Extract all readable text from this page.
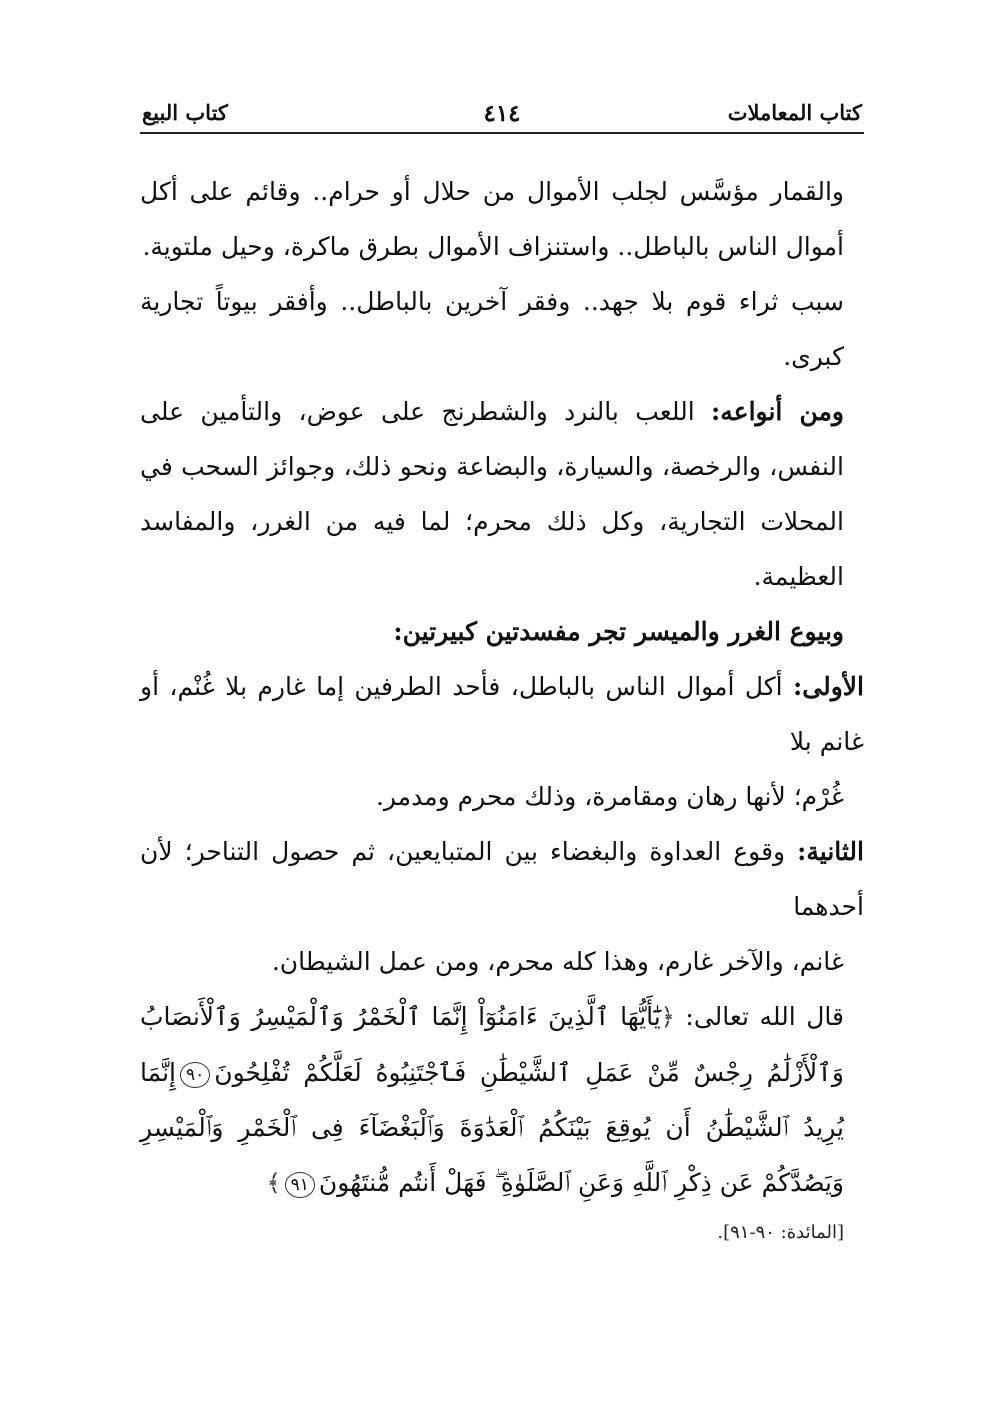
كتاب المعاملات
٤١٤
كتاب البيع

والقمار مؤسَّس لجلب الأموال من حلال أو حرام.. وقائم على أكل أموال الناس بالباطل.. واستنزاف الأموال بطرق ماكرة، وحيل ملتوية.

سبب ثراء قوم بلا جهد.. وفقر آخرين بالباطل.. وأفقر بيوتاً تجارية كبرى.

ومن أنواعه: اللعب بالنرد والشطرنج على عوض، والتأمين على النفس، والرخصة، والسيارة، والبضاعة ونحو ذلك، وجوائز السحب في المحلات التجارية، وكل ذلك محرم؛ لما فيه من الغرر، والمفاسد العظيمة.

وبيوع الغرر والميسر تجر مفسدتين كبيرتين:

الأولى: أكل أموال الناس بالباطل، فأحد الطرفين إما غارم بلا غُنْم، أو غانم بلا
غُرْم؛ لأنها رهان ومقامرة، وذلك محرم ومدمر.

الثانية: وقوع العداوة والبغضاء بين المتبايعين، ثم حصول التناحر؛ لأن أحدهما
غانم، والآخر غارم، وهذا كله محرم، ومن عمل الشيطان.

قال الله تعالى: ﴿يَٰٓأَيُّهَا ٱلَّذِينَ ءَامَنُوٓاْ إِنَّمَا ٱلْخَمْرُ وَٱلْمَيْسِرُ وَٱلْأَنصَابُ وَٱلْأَزْلَٰمُ رِجْسٌ مِّنْ عَمَلِ ٱلشَّيْطَٰنِ فَٱجْتَنِبُوهُ لَعَلَّكُمْ تُفْلِحُونَ٩٠إِنَّمَا يُرِيدُ ٱلشَّيْطَٰنُ أَن يُوقِعَ بَيْنَكُمُ ٱلْعَدَٰوَةَ وَٱلْبَغْضَآءَ فِى ٱلْخَمْرِ وَٱلْمَيْسِرِ وَيَصُدَّكُمْ عَن ذِكْرِ ٱللَّهِ وَعَنِ ٱلصَّلَوٰةِ ۖ فَهَلْ أَنتُم مُّنتَهُونَ٩١﴾

[المائدة: ٩٠-٩١].
